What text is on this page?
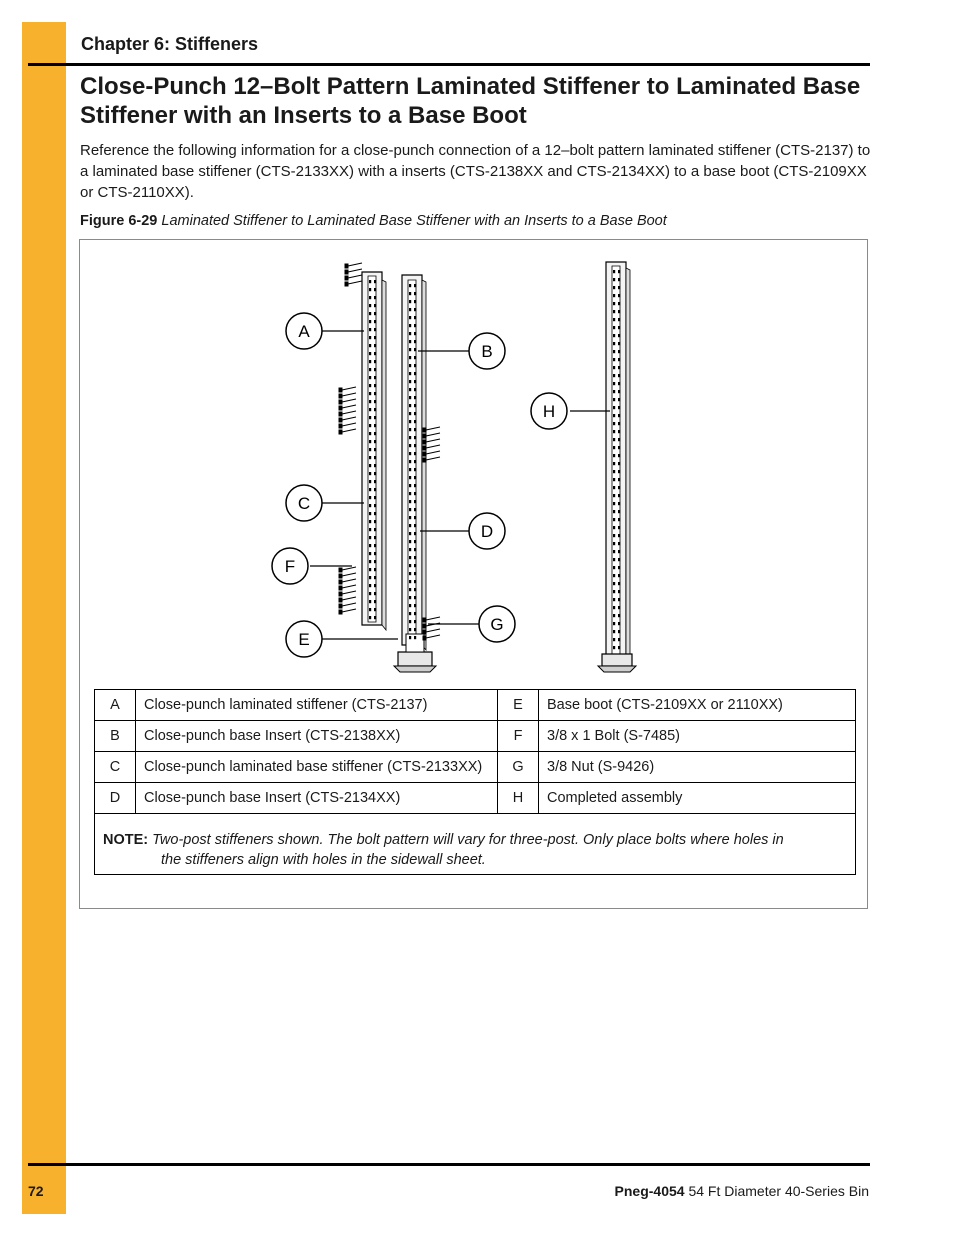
Chapter 6: Stiffeners
Close-Punch 12–Bolt Pattern Laminated Stiffener to Laminated Base Stiffener with an Inserts to a Base Boot
Reference the following information for a close-punch connection of a 12–bolt pattern laminated stiffener (CTS-2137) to a laminated base stiffener (CTS-2133XX) with a inserts (CTS-2138XX and CTS-2134XX) to a base boot (CTS-2109XX or CTS-2110XX).
Figure 6-29 Laminated Stiffener to Laminated Base Stiffener with an Inserts to a Base Boot
A
B
C
D
F
E
G
H
A	Close-punch laminated stiffener (CTS-2137)	E	Base boot (CTS-2109XX or 2110XX)
B	Close-punch base Insert (CTS-2138XX)	F	3/8 x 1 Bolt (S-7485)
C	Close-punch laminated base stiffener (CTS-2133XX)	G	3/8 Nut (S-9426)
D	Close-punch base Insert (CTS-2134XX)	H	Completed assembly

NOTE: Two-post stiffeners shown. The bolt pattern will vary for three-post. Only place bolts where holes in
the stiffeners align with holes in the sidewall sheet.			
72	Pneg-4054 54 Ft Diameter 40-Series Bin
